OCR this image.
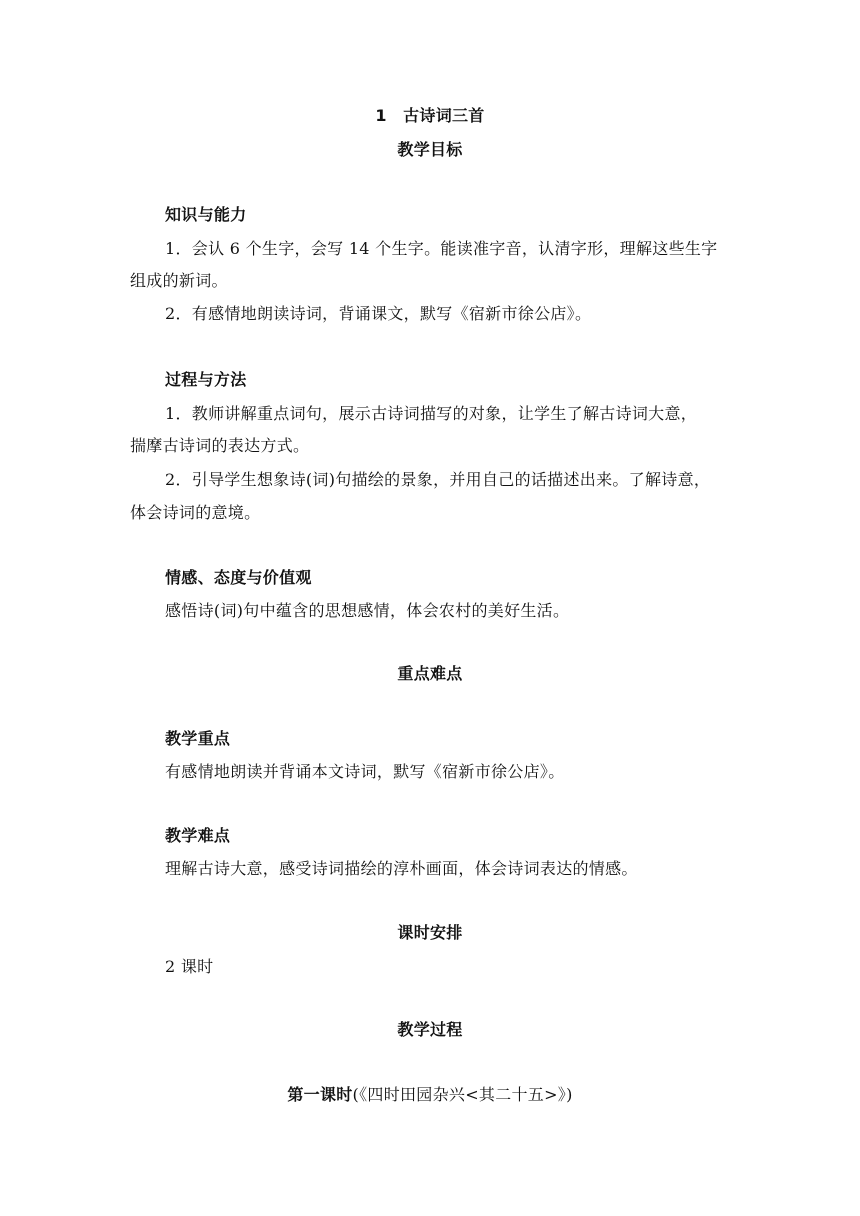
1　古诗词三首
教学目标
知识与能力
1．会认 6 个生字，会写 14 个生字。能读准字音，认清字形，理解这些生字
组成的新词。
2．有感情地朗读诗词，背诵课文，默写《宿新市徐公店》。
过程与方法
1．教师讲解重点词句，展示古诗词描写的对象，让学生了解古诗词大意，
揣摩古诗词的表达方式。
2．引导学生想象诗(词)句描绘的景象，并用自己的话描述出来。了解诗意，
体会诗词的意境。
情感、态度与价值观
感悟诗(词)句中蕴含的思想感情，体会农村的美好生活。
重点难点
教学重点
有感情地朗读并背诵本文诗词，默写《宿新市徐公店》。
教学难点
理解古诗大意，感受诗词描绘的淳朴画面，体会诗词表达的情感。
课时安排
2 课时
教学过程
第一课时(《四时田园杂兴<其二十五>》)
